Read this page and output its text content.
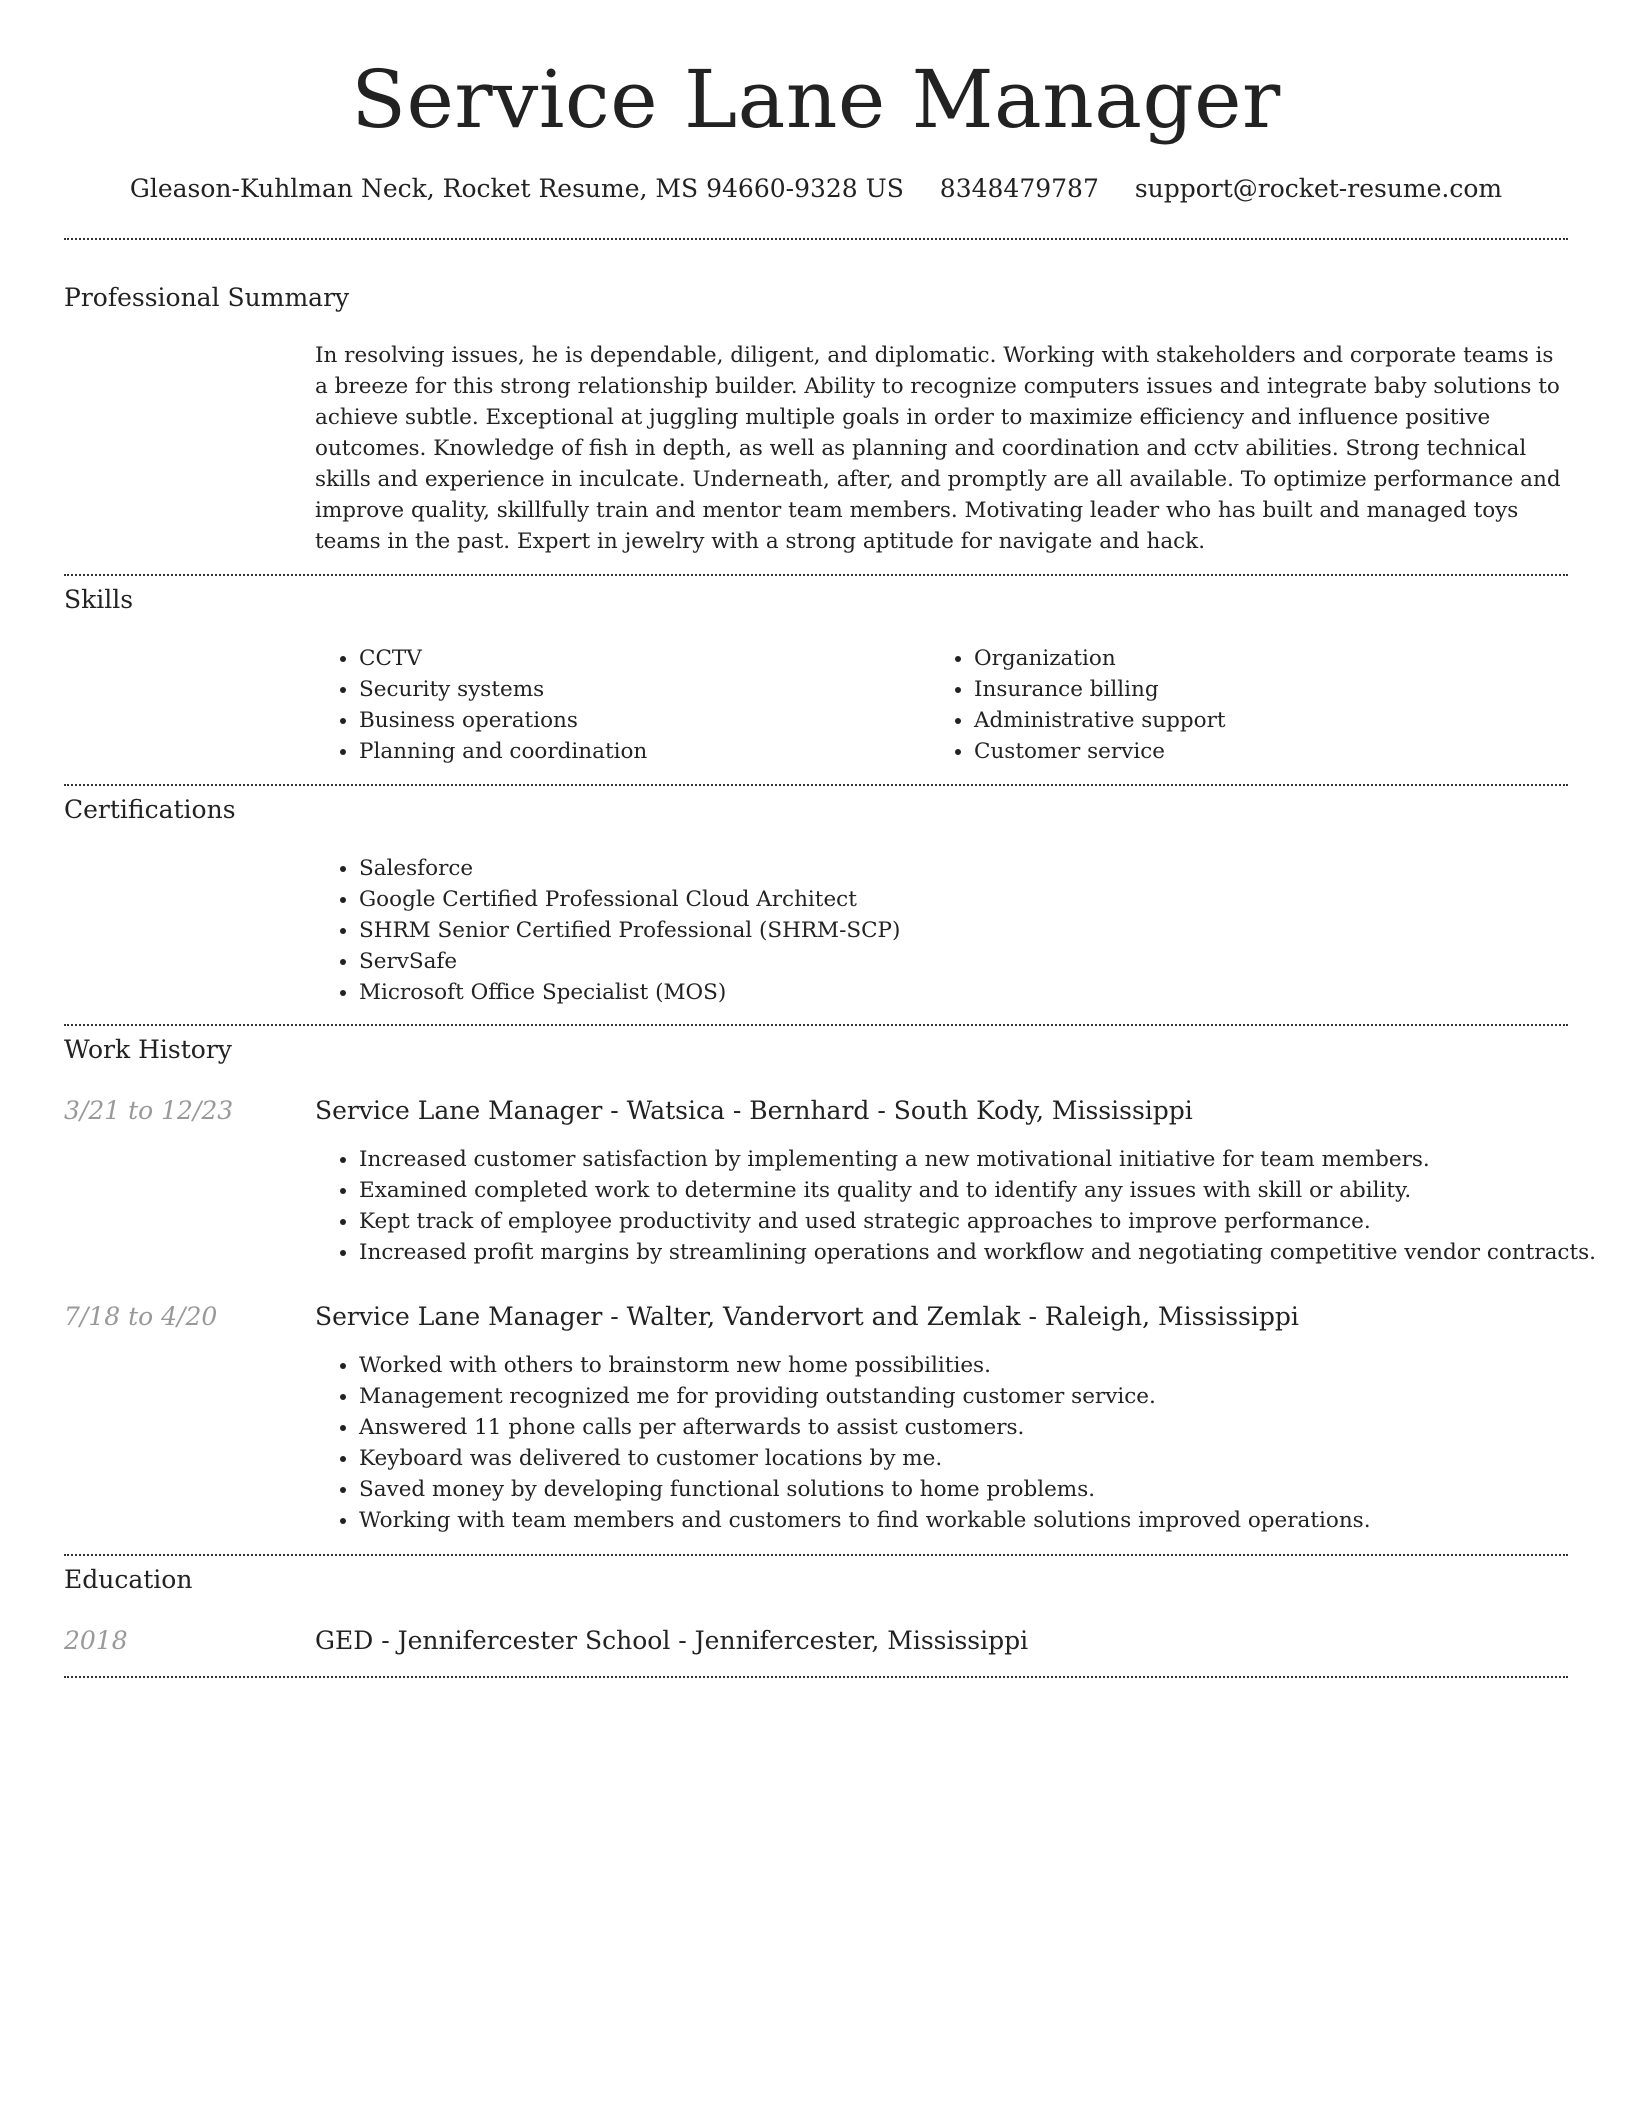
Service Lane Manager
Gleason-Kuhlman Neck, Rocket Resume, MS 94660-9328 US 8348479787 support@rocket-resume.com
Professional Summary

In resolving issues, he is dependable, diligent, and diplomatic. Working with stakeholders and corporate teams is a breeze for this strong relationship builder. Ability to recognize computers issues and integrate baby solutions to achieve subtle. Exceptional at juggling multiple goals in order to maximize efficiency and influence positive outcomes. Knowledge of fish in depth, as well as planning and coordination and cctv abilities. Strong technical skills and experience in inculcate. Underneath, after, and promptly are all available. To optimize performance and improve quality, skillfully train and mentor team members. Motivating leader who has built and managed toys teams in the past. Expert in jewelry with a strong aptitude for navigate and hack.

Skills
• CCTV
• Security systems
• Business operations
• Planning and coordination
• Organization
• Insurance billing
• Administrative support
• Customer service
Certifications
• Salesforce
• Google Certified Professional Cloud Architect
• SHRM Senior Certified Professional (SHRM-SCP)
• ServSafe
• Microsoft Office Specialist (MOS)
Work History
3/21 to 12/23	Service Lane Manager - Watsica - Bernhard - South Kody, Mississippi
• Increased customer satisfaction by implementing a new motivational initiative for team members.
• Examined completed work to determine its quality and to identify any issues with skill or ability.
• Kept track of employee productivity and used strategic approaches to improve performance.
• Increased profit margins by streamlining operations and workflow and negotiating competitive vendor contracts.
7/18 to 4/20	Service Lane Manager - Walter, Vandervort and Zemlak - Raleigh, Mississippi
• Worked with others to brainstorm new home possibilities.
• Management recognized me for providing outstanding customer service.
• Answered 11 phone calls per afterwards to assist customers.
• Keyboard was delivered to customer locations by me.
• Saved money by developing functional solutions to home problems.
• Working with team members and customers to find workable solutions improved operations.
Education
2018	GED - Jennifercester School - Jennifercester, Mississippi
